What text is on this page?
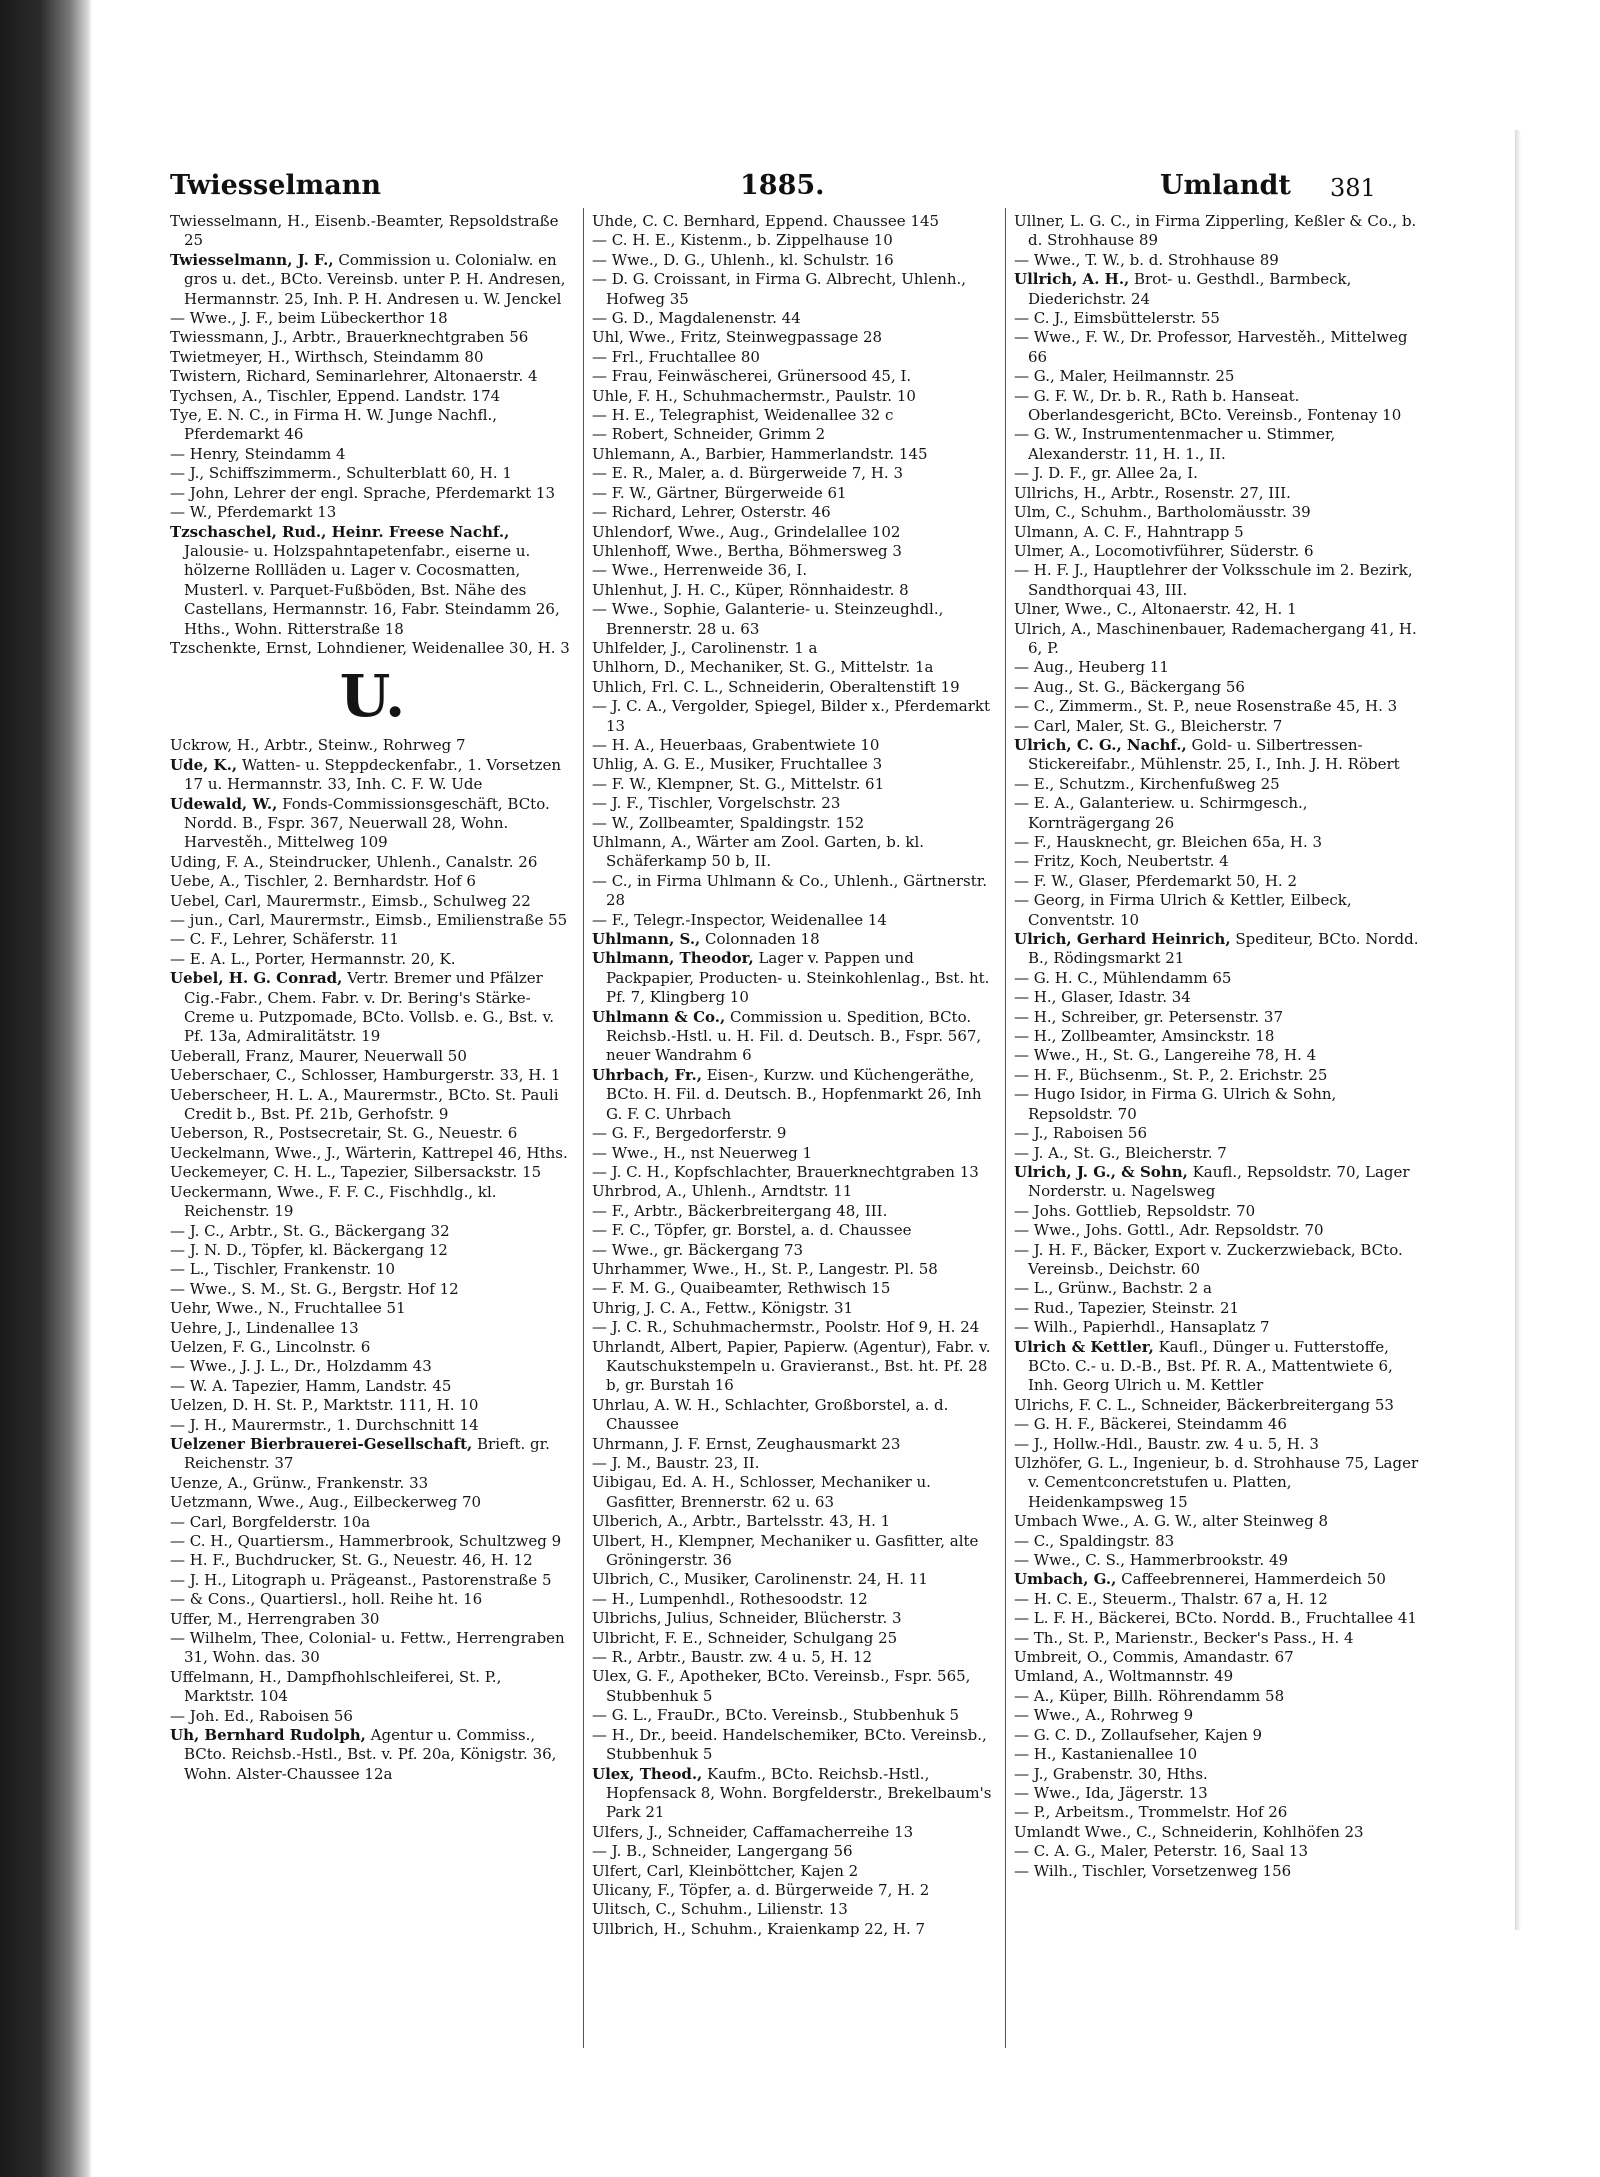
Twiesselmann	1885.	Umlandt 381

Twiesselmann, H., Eisenb.-Beamter, Repsoldstraße 25

Twiesselmann, J. F., Commission u. Colonialw. en gros u. det., BCto. Vereinsb. unter P. H. Andresen, Hermannstr. 25, Inh. P. H. Andresen u. W. Jenckel

— Wwe., J. F., beim Lübeckerthor 18

Twiessmann, J., Arbtr., Brauerknechtgraben 56

Twietmeyer, H., Wirthsch, Steindamm 80

Twistern, Richard, Seminarlehrer, Altonaerstr. 4

Tychsen, A., Tischler, Eppend. Landstr. 174

Tye, E. N. C., in Firma H. W. Junge Nachfl., Pferdemarkt 46

— Henry, Steindamm 4

— J., Schiffszimmerm., Schulterblatt 60, H. 1

— John, Lehrer der engl. Sprache, Pferdemarkt 13

— W., Pferdemarkt 13

Tzschaschel, Rud., Heinr. Freese Nachf., Jalousie- u. Holzspahntapetenfabr., eiserne u. hölzerne Rollläden u. Lager v. Cocosmatten, Musterl. v. Parquet-Fußböden, Bst. Nähe des Castellans, Hermannstr. 16, Fabr. Steindamm 26, Hths., Wohn. Ritterstraße 18

Tzschenkte, Ernst, Lohndiener, Weidenallee 30, H. 3

U.

Uckrow, H., Arbtr., Steinw., Rohrweg 7

Ude, K., Watten- u. Steppdeckenfabr., 1. Vorsetzen 17 u. Hermannstr. 33, Inh. C. F. W. Ude

Udewald, W., Fonds-Commissionsgeschäft, BCto. Nordd. B., Fspr. 367, Neuerwall 28, Wohn. Harvestěh., Mittelweg 109

Uding, F. A., Steindrucker, Uhlenh., Canalstr. 26

Uebe, A., Tischler, 2. Bernhardstr. Hof 6

Uebel, Carl, Maurermstr., Eimsb., Schulweg 22

— jun., Carl, Maurermstr., Eimsb., Emilienstraße 55

— C. F., Lehrer, Schäferstr. 11

— E. A. L., Porter, Hermannstr. 20, K.

Uebel, H. G. Conrad, Vertr. Bremer und Pfälzer Cig.-Fabr., Chem. Fabr. v. Dr. Bering's Stärke-Creme u. Putzpomade, BCto. Vollsb. e. G., Bst. v. Pf. 13a, Admiralitätstr. 19

Ueberall, Franz, Maurer, Neuerwall 50

Ueberschaer, C., Schlosser, Hamburgerstr. 33, H. 1

Ueberscheer, H. L. A., Maurermstr., BCto. St. Pauli Credit b., Bst. Pf. 21b, Gerhofstr. 9

Ueberson, R., Postsecretair, St. G., Neuestr. 6

Ueckelmann, Wwe., J., Wärterin, Kattrepel 46, Hths.

Ueckemeyer, C. H. L., Tapezier, Silbersackstr. 15

Ueckermann, Wwe., F. F. C., Fischhdlg., kl. Reichenstr. 19

— J. C., Arbtr., St. G., Bäckergang 32

— J. N. D., Töpfer, kl. Bäckergang 12

— L., Tischler, Frankenstr. 10

— Wwe., S. M., St. G., Bergstr. Hof 12

Uehr, Wwe., N., Fruchtallee 51

Uehre, J., Lindenallee 13

Uelzen, F. G., Lincolnstr. 6

— Wwe., J. J. L., Dr., Holzdamm 43

— W. A. Tapezier, Hamm, Landstr. 45

Uelzen, D. H. St. P., Marktstr. 111, H. 10

— J. H., Maurermstr., 1. Durchschnitt 14

Uelzener Bierbrauerei-Gesellschaft, Brieft. gr. Reichenstr. 37

Uenze, A., Grünw., Frankenstr. 33

Uetzmann, Wwe., Aug., Eilbeckerweg 70

— Carl, Borgfelderstr. 10a

— C. H., Quartiersm., Hammerbrook, Schultzweg 9

— H. F., Buchdrucker, St. G., Neuestr. 46, H. 12

— J. H., Litograph u. Prägeanst., Pastorenstraße 5

— & Cons., Quartiersl., holl. Reihe ht. 16

Uffer, M., Herrengraben 30

— Wilhelm, Thee, Colonial- u. Fettw., Herrengraben 31, Wohn. das. 30

Uffelmann, H., Dampfhohlschleiferei, St. P., Marktstr. 104

— Joh. Ed., Raboisen 56

Uh, Bernhard Rudolph, Agentur u. Commiss., BCto. Reichsb.-Hstl., Bst. v. Pf. 20a, Königstr. 36, Wohn. Alster-Chaussee 12a

Uhde, C. C. Bernhard, Eppend. Chaussee 145

— C. H. E., Kistenm., b. Zippelhause 10

— Wwe., D. G., Uhlenh., kl. Schulstr. 16

— D. G. Croissant, in Firma G. Albrecht, Uhlenh., Hofweg 35

— G. D., Magdalenenstr. 44

Uhl, Wwe., Fritz, Steinwegpassage 28

— Frl., Fruchtallee 80

— Frau, Feinwäscherei, Grünersood 45, I.

Uhle, F. H., Schuhmachermstr., Paulstr. 10

— H. E., Telegraphist, Weidenallee 32 c

— Robert, Schneider, Grimm 2

Uhlemann, A., Barbier, Hammerlandstr. 145

— E. R., Maler, a. d. Bürgerweide 7, H. 3

— F. W., Gärtner, Bürgerweide 61

— Richard, Lehrer, Osterstr. 46

Uhlendorf, Wwe., Aug., Grindelallee 102

Uhlenhoff, Wwe., Bertha, Böhmersweg 3

— Wwe., Herrenweide 36, I.

Uhlenhut, J. H. C., Küper, Rönnhaidestr. 8

— Wwe., Sophie, Galanterie- u. Steinzeughdl., Brennerstr. 28 u. 63

Uhlfelder, J., Carolinenstr. 1 a

Uhlhorn, D., Mechaniker, St. G., Mittelstr. 1a

Uhlich, Frl. C. L., Schneiderin, Oberaltenstift 19

— J. C. A., Vergolder, Spiegel, Bilder x., Pferdemarkt 13

— H. A., Heuerbaas, Grabentwiete 10

Uhlig, A. G. E., Musiker, Fruchtallee 3

— F. W., Klempner, St. G., Mittelstr. 61

— J. F., Tischler, Vorgelschstr. 23

— W., Zollbeamter, Spaldingstr. 152

Uhlmann, A., Wärter am Zool. Garten, b. kl. Schäferkamp 50 b, II.

— C., in Firma Uhlmann & Co., Uhlenh., Gärtnerstr. 28

— F., Telegr.-Inspector, Weidenallee 14

Uhlmann, S., Colonnaden 18

Uhlmann, Theodor, Lager v. Pappen und Packpapier, Producten- u. Steinkohlenlag., Bst. ht. Pf. 7, Klingberg 10

Uhlmann & Co., Commission u. Spedition, BCto. Reichsb.-Hstl. u. H. Fil. d. Deutsch. B., Fspr. 567, neuer Wandrahm 6

Uhrbach, Fr., Eisen-, Kurzw. und Küchengeräthe, BCto. H. Fil. d. Deutsch. B., Hopfenmarkt 26, Inh G. F. C. Uhrbach

— G. F., Bergedorferstr. 9

— Wwe., H., nst Neuerweg 1

— J. C. H., Kopfschlachter, Brauerknechtgraben 13

Uhrbrod, A., Uhlenh., Arndtstr. 11

— F., Arbtr., Bäckerbreitergang 48, III.

— F. C., Töpfer, gr. Borstel, a. d. Chaussee

— Wwe., gr. Bäckergang 73

Uhrhammer, Wwe., H., St. P., Langestr. Pl. 58

— F. M. G., Quaibeamter, Rethwisch 15

Uhrig, J. C. A., Fettw., Königstr. 31

— J. C. R., Schuhmachermstr., Poolstr. Hof 9, H. 24

Uhrlandt, Albert, Papier, Papierw. (Agentur), Fabr. v. Kautschukstempeln u. Gravieranst., Bst. ht. Pf. 28 b, gr. Burstah 16

Uhrlau, A. W. H., Schlachter, Großborstel, a. d. Chaussee

Uhrmann, J. F. Ernst, Zeughausmarkt 23

— J. M., Baustr. 23, II.

Uibigau, Ed. A. H., Schlosser, Mechaniker u. Gasfitter, Brennerstr. 62 u. 63

Ulberich, A., Arbtr., Bartelsstr. 43, H. 1

Ulbert, H., Klempner, Mechaniker u. Gasfitter, alte Gröningerstr. 36

Ulbrich, C., Musiker, Carolinenstr. 24, H. 11

— H., Lumpenhdl., Rothesoodstr. 12

Ulbrichs, Julius, Schneider, Blücherstr. 3

Ulbricht, F. E., Schneider, Schulgang 25

— R., Arbtr., Baustr. zw. 4 u. 5, H. 12

Ulex, G. F., Apotheker, BCto. Vereinsb., Fspr. 565, Stubbenhuk 5

— G. L., FrauDr., BCto. Vereinsb., Stubbenhuk 5

— H., Dr., beeid. Handelschemiker, BCto. Vereinsb., Stubbenhuk 5

Ulex, Theod., Kaufm., BCto. Reichsb.-Hstl., Hopfensack 8, Wohn. Borgfelderstr., Brekelbaum's Park 21

Ulfers, J., Schneider, Caffamacherreihe 13

— J. B., Schneider, Langergang 56

Ulfert, Carl, Kleinböttcher, Kajen 2

Ulicany, F., Töpfer, a. d. Bürgerweide 7, H. 2

Ulitsch, C., Schuhm., Lilienstr. 13

Ullbrich, H., Schuhm., Kraienkamp 22, H. 7

Ullner, L. G. C., in Firma Zipperling, Keßler & Co., b. d. Strohhause 89

— Wwe., T. W., b. d. Strohhause 89

Ullrich, A. H., Brot- u. Gesthdl., Barmbeck, Diederichstr. 24

— C. J., Eimsbüttelerstr. 55

— Wwe., F. W., Dr. Professor, Harvestěh., Mittelweg 66

— G., Maler, Heilmannstr. 25

— G. F. W., Dr. b. R., Rath b. Hanseat. Oberlandesgericht, BCto. Vereinsb., Fontenay 10

— G. W., Instrumentenmacher u. Stimmer, Alexanderstr. 11, H. 1., II.

— J. D. F., gr. Allee 2a, I.

Ullrichs, H., Arbtr., Rosenstr. 27, III.

Ulm, C., Schuhm., Bartholomäusstr. 39

Ulmann, A. C. F., Hahntrapp 5

Ulmer, A., Locomotivführer, Süderstr. 6

— H. F. J., Hauptlehrer der Volksschule im 2. Bezirk, Sandthorquai 43, III.

Ulner, Wwe., C., Altonaerstr. 42, H. 1

Ulrich, A., Maschinenbauer, Rademachergang 41, H. 6, P.

— Aug., Heuberg 11

— Aug., St. G., Bäckergang 56

— C., Zimmerm., St. P., neue Rosenstraße 45, H. 3

— Carl, Maler, St. G., Bleicherstr. 7

Ulrich, C. G., Nachf., Gold- u. Silbertressen-Stickereifabr., Mühlenstr. 25, I., Inh. J. H. Röbert

— E., Schutzm., Kirchenfußweg 25

— E. A., Galanteriew. u. Schirmgesch., Kornträgergang 26

— F., Hausknecht, gr. Bleichen 65a, H. 3

— Fritz, Koch, Neubertstr. 4

— F. W., Glaser, Pferdemarkt 50, H. 2

— Georg, in Firma Ulrich & Kettler, Eilbeck, Conventstr. 10

Ulrich, Gerhard Heinrich, Spediteur, BCto. Nordd. B., Rödingsmarkt 21

— G. H. C., Mühlendamm 65

— H., Glaser, Idastr. 34

— H., Schreiber, gr. Petersenstr. 37

— H., Zollbeamter, Amsinckstr. 18

— Wwe., H., St. G., Langereihe 78, H. 4

— H. F., Büchsenm., St. P., 2. Erichstr. 25

— Hugo Isidor, in Firma G. Ulrich & Sohn, Repsoldstr. 70

— J., Raboisen 56

— J. A., St. G., Bleicherstr. 7

Ulrich, J. G., & Sohn, Kaufl., Repsoldstr. 70, Lager Norderstr. u. Nagelsweg

— Johs. Gottlieb, Repsoldstr. 70

— Wwe., Johs. Gottl., Adr. Repsoldstr. 70

— J. H. F., Bäcker, Export v. Zuckerzwieback, BCto. Vereinsb., Deichstr. 60

— L., Grünw., Bachstr. 2 a

— Rud., Tapezier, Steinstr. 21

— Wilh., Papierhdl., Hansaplatz 7

Ulrich & Kettler, Kaufl., Dünger u. Futterstoffe, BCto. C.- u. D.-B., Bst. Pf. R. A., Mattentwiete 6, Inh. Georg Ulrich u. M. Kettler

Ulrichs, F. C. L., Schneider, Bäckerbreitergang 53

— G. H. F., Bäckerei, Steindamm 46

— J., Hollw.-Hdl., Baustr. zw. 4 u. 5, H. 3

Ulzhöfer, G. L., Ingenieur, b. d. Strohhause 75, Lager v. Cementconcretstufen u. Platten, Heidenkampsweg 15

Umbach Wwe., A. G. W., alter Steinweg 8

— C., Spaldingstr. 83

— Wwe., C. S., Hammerbrookstr. 49

Umbach, G., Caffeebrennerei, Hammerdeich 50

— H. C. E., Steuerm., Thalstr. 67 a, H. 12

— L. F. H., Bäckerei, BCto. Nordd. B., Fruchtallee 41

— Th., St. P., Marienstr., Becker's Pass., H. 4

Umbreit, O., Commis, Amandastr. 67

Umland, A., Woltmannstr. 49

— A., Küper, Billh. Röhrendamm 58

— Wwe., A., Rohrweg 9

— G. C. D., Zollaufseher, Kajen 9

— H., Kastanienallee 10

— J., Grabenstr. 30, Hths.

— Wwe., Ida, Jägerstr. 13

— P., Arbeitsm., Trommelstr. Hof 26

Umlandt Wwe., C., Schneiderin, Kohlhöfen 23

— C. A. G., Maler, Peterstr. 16, Saal 13

— Wilh., Tischler, Vorsetzenweg 156
